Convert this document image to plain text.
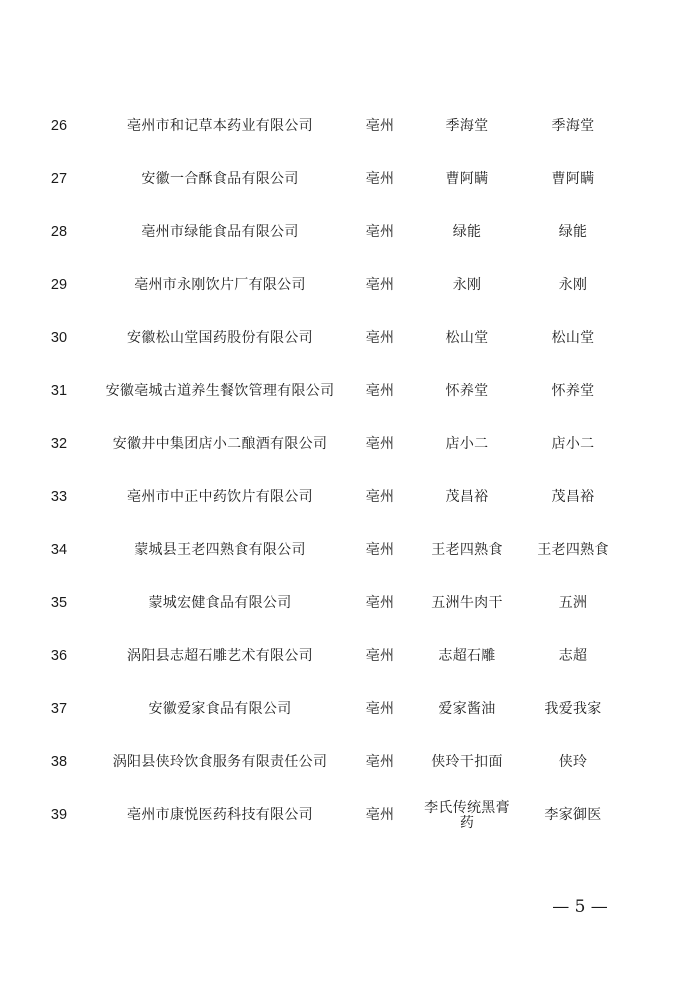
26	亳州市和记草本药业有限公司	亳州	季海堂	季海堂
27	安徽一合酥食品有限公司	亳州	曹阿瞒	曹阿瞒
28	亳州市绿能食品有限公司	亳州	绿能	绿能
29	亳州市永刚饮片厂有限公司	亳州	永刚	永刚
30	安徽松山堂国药股份有限公司	亳州	松山堂	松山堂
31	安徽亳城古道养生餐饮管理有限公司	亳州	怀养堂	怀养堂
32	安徽井中集团店小二酿酒有限公司	亳州	店小二	店小二
33	亳州市中正中药饮片有限公司	亳州	茂昌裕	茂昌裕
34	蒙城县王老四熟食有限公司	亳州	王老四熟食	王老四熟食
35	蒙城宏健食品有限公司	亳州	五洲牛肉干	五洲
36	涡阳县志超石雕艺术有限公司	亳州	志超石雕	志超
37	安徽爱家食品有限公司	亳州	爱家酱油	我爱我家
38	涡阳县侠玲饮食服务有限责任公司	亳州	侠玲干扣面	侠玲
39	亳州市康悦医药科技有限公司	亳州	李氏传统黑膏药	李家御医
— 5 —
